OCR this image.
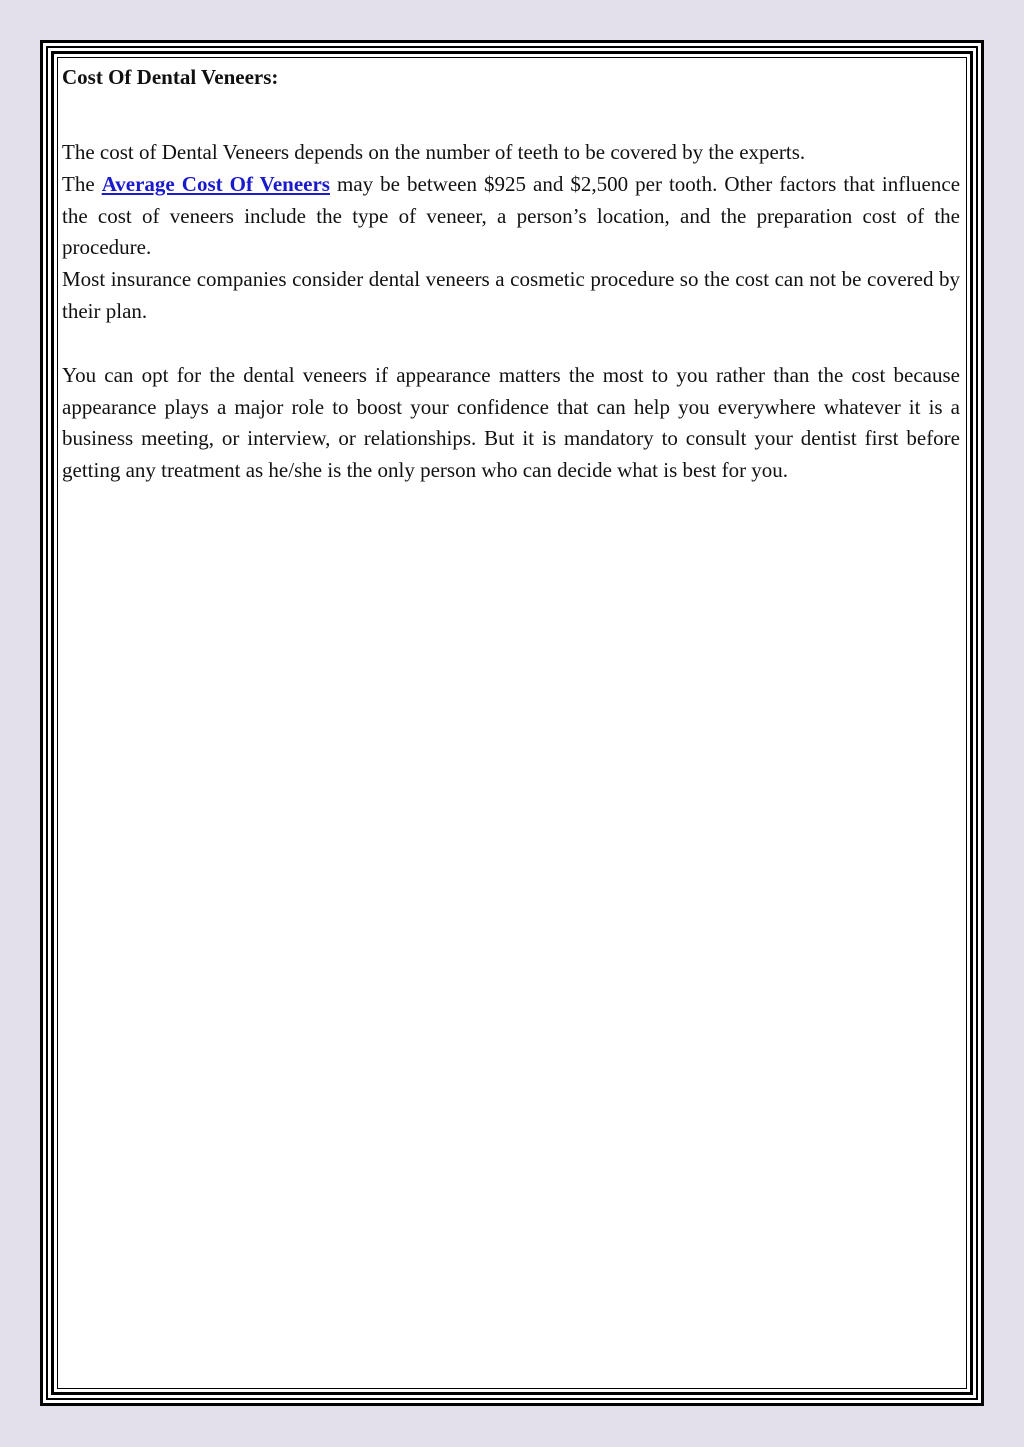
Cost Of Dental Veneers:

The cost of Dental Veneers depends on the number of teeth to be covered by the experts.

The Average Cost Of Veneers may be between $925 and $2,500 per tooth. Other factors that influence the cost of veneers include the type of veneer, a person’s location, and the preparation cost of the procedure.

Most insurance companies consider dental veneers a cosmetic procedure so the cost can not be covered by their plan.

You can opt for the dental veneers if appearance matters the most to you rather than the cost because appearance plays a major role to boost your confidence that can help you everywhere whatever it is a business meeting, or interview, or relationships. But it is mandatory to consult your dentist first before getting any treatment as he/she is the only person who can decide what is best for you.
